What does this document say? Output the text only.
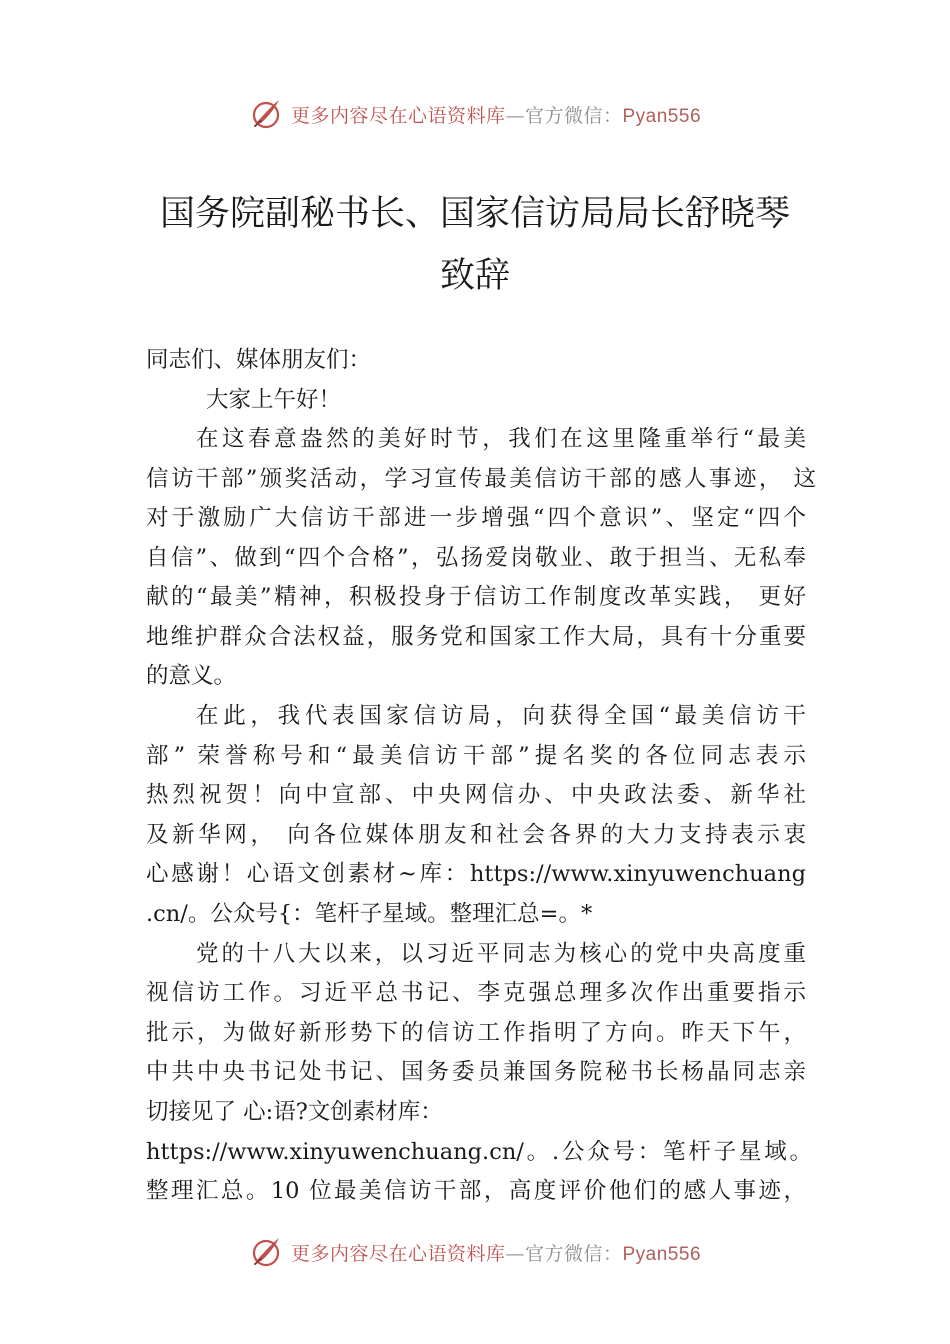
更多内容尽在心语资料库—官方微信：Pyan556
国务院副秘书长、国家信访局局长舒晓琴
致辞
同志们、媒体朋友们：
大家上午好！
在这春意盎然的美好时节，我们在这里隆重举行“最美
信访干部”颁奖活动，学习宣传最美信访干部的感人事迹， 这
对于激励广大信访干部进一步增强“四个意识”、坚定“四个
自信”、做到“四个合格”，弘扬爱岗敬业、敢于担当、无私奉
献的“最美”精神，积极投身于信访工作制度改革实践， 更好
地维护群众合法权益，服务党和国家工作大局，具有十分重要
的意义。
在此，我代表国家信访局，向获得全国“最美信访干
部” 荣誉称号和“最美信访干部”提名奖的各位同志表示
热烈祝贺！向中宣部、中央网信办、中央政法委、新华社
及新华网， 向各位媒体朋友和社会各界的大力支持表示衷
心感谢！心语文创素材~库：https://www.xinyuwenchuang
.cn/。公众号{：笔杆子星域。整理汇总=。*
党的十八大以来，以习近平同志为核心的党中央高度重
视信访工作。习近平总书记、李克强总理多次作出重要指示
批示，为做好新形势下的信访工作指明了方向。昨天下午，
中共中央书记处书记、国务委员兼国务院秘书长杨晶同志亲
切接见了 心:语?文创素材库：
https://www.xinyuwenchuang.cn/。.公众号：笔杆子星域。
整理汇总。10 位最美信访干部，高度评价他们的感人事迹，
更多内容尽在心语资料库—官方微信：Pyan556
